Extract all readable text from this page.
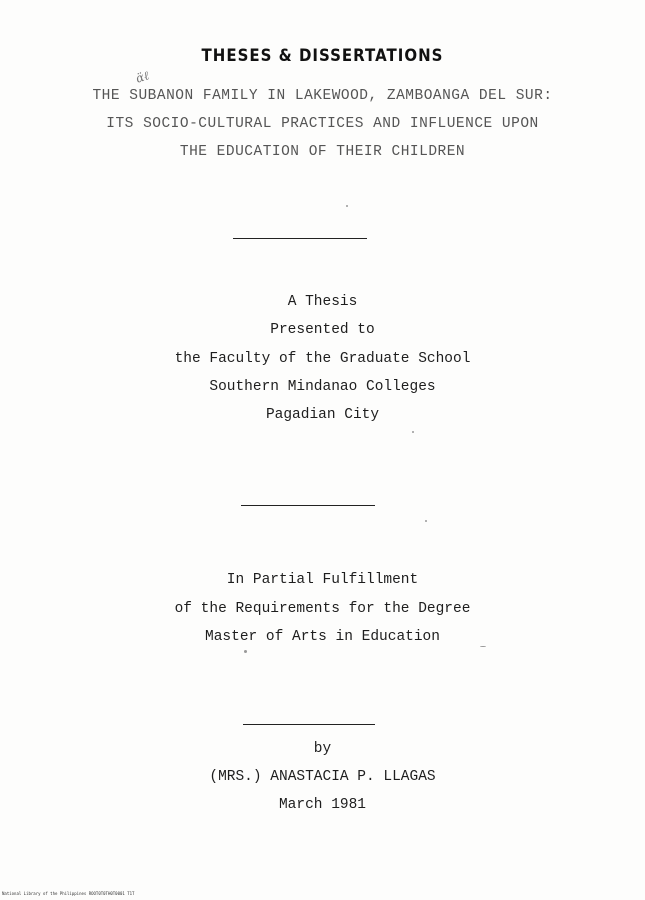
THESES & DISSERTATIONS
ɑ̈ℓ
THE SUBANON FAMILY IN LAKEWOOD, ZAMBOANGA DEL SUR:
ITS SOCIO-CULTURAL PRACTICES AND INFLUENCE UPON
THE EDUCATION OF THEIR CHILDREN
A Thesis
Presented to
the Faculty of the Graduate School
Southern Mindanao Colleges
Pagadian City
In Partial Fulfillment
of the Requirements for the Degree
Master of Arts in Education
by
(MRS.) ANASTACIA P. LLAGAS
March 1981
National Library of the Philippines ROOT0T0TH0T0001 T1T
